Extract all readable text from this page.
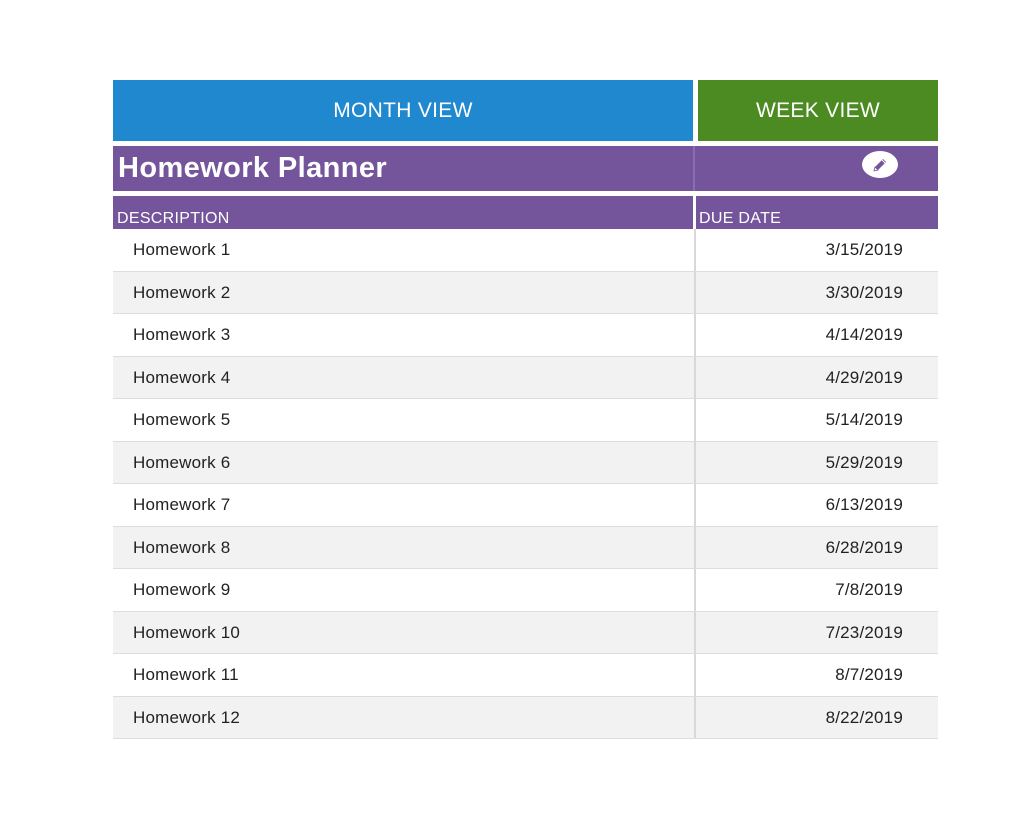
MONTH VIEW	WEEK VIEW
Homework Planner
DESCRIPTION	DUE DATE
Homework 1	3/15/2019
Homework 2	3/30/2019
Homework 3	4/14/2019
Homework 4	4/29/2019
Homework 5	5/14/2019
Homework 6	5/29/2019
Homework 7	6/13/2019
Homework 8	6/28/2019
Homework 9	7/8/2019
Homework 10	7/23/2019
Homework 11	8/7/2019
Homework 12	8/22/2019
